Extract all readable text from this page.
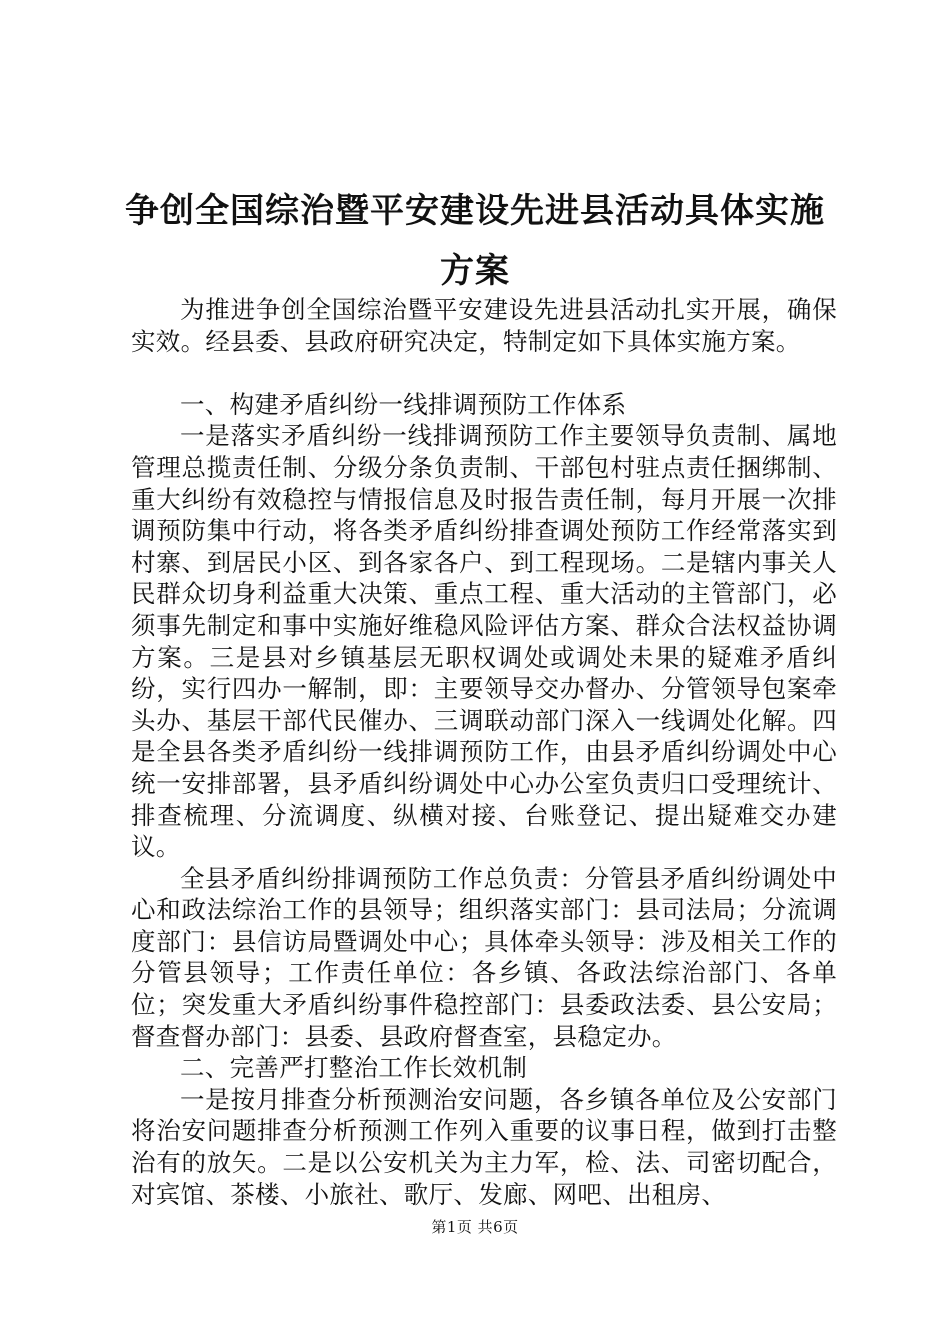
争创全国综治暨平安建设先进县活动具体实施
方案

为推进争创全国综治暨平安建设先进县活动扎实开展，确保实效。经县委、县政府研究决定，特制定如下具体实施方案。

一、构建矛盾纠纷一线排调预防工作体系

一是落实矛盾纠纷一线排调预防工作主要领导负责制、属地管理总揽责任制、分级分条负责制、干部包村驻点责任捆绑制、重大纠纷有效稳控与情报信息及时报告责任制，每月开展一次排调预防集中行动，将各类矛盾纠纷排查调处预防工作经常落实到村寨、到居民小区、到各家各户、到工程现场。二是辖内事关人民群众切身利益重大决策、重点工程、重大活动的主管部门，必须事先制定和事中实施好维稳风险评估方案、群众合法权益协调方案。三是县对乡镇基层无职权调处或调处未果的疑难矛盾纠纷，实行四办一解制，即：主要领导交办督办、分管领导包案牵头办、基层干部代民催办、三调联动部门深入一线调处化解。四是全县各类矛盾纠纷一线排调预防工作，由县矛盾纠纷调处中心统一安排部署，县矛盾纠纷调处中心办公室负责归口受理统计、排查梳理、分流调度、纵横对接、台账登记、提出疑难交办建议。

全县矛盾纠纷排调预防工作总负责：分管县矛盾纠纷调处中心和政法综治工作的县领导；组织落实部门：县司法局；分流调度部门：县信访局暨调处中心；具体牵头领导：涉及相关工作的分管县领导；工作责任单位：各乡镇、各政法综治部门、各单位；突发重大矛盾纠纷事件稳控部门：县委政法委、县公安局；督查督办部门：县委、县政府督查室，县稳定办。

二、完善严打整治工作长效机制

一是按月排查分析预测治安问题，各乡镇各单位及公安部门将治安问题排查分析预测工作列入重要的议事日程，做到打击整治有的放矢。二是以公安机关为主力军，检、法、司密切配合，对宾馆、茶楼、小旅社、歌厅、发廊、网吧、出租房、

第1页 共6页
